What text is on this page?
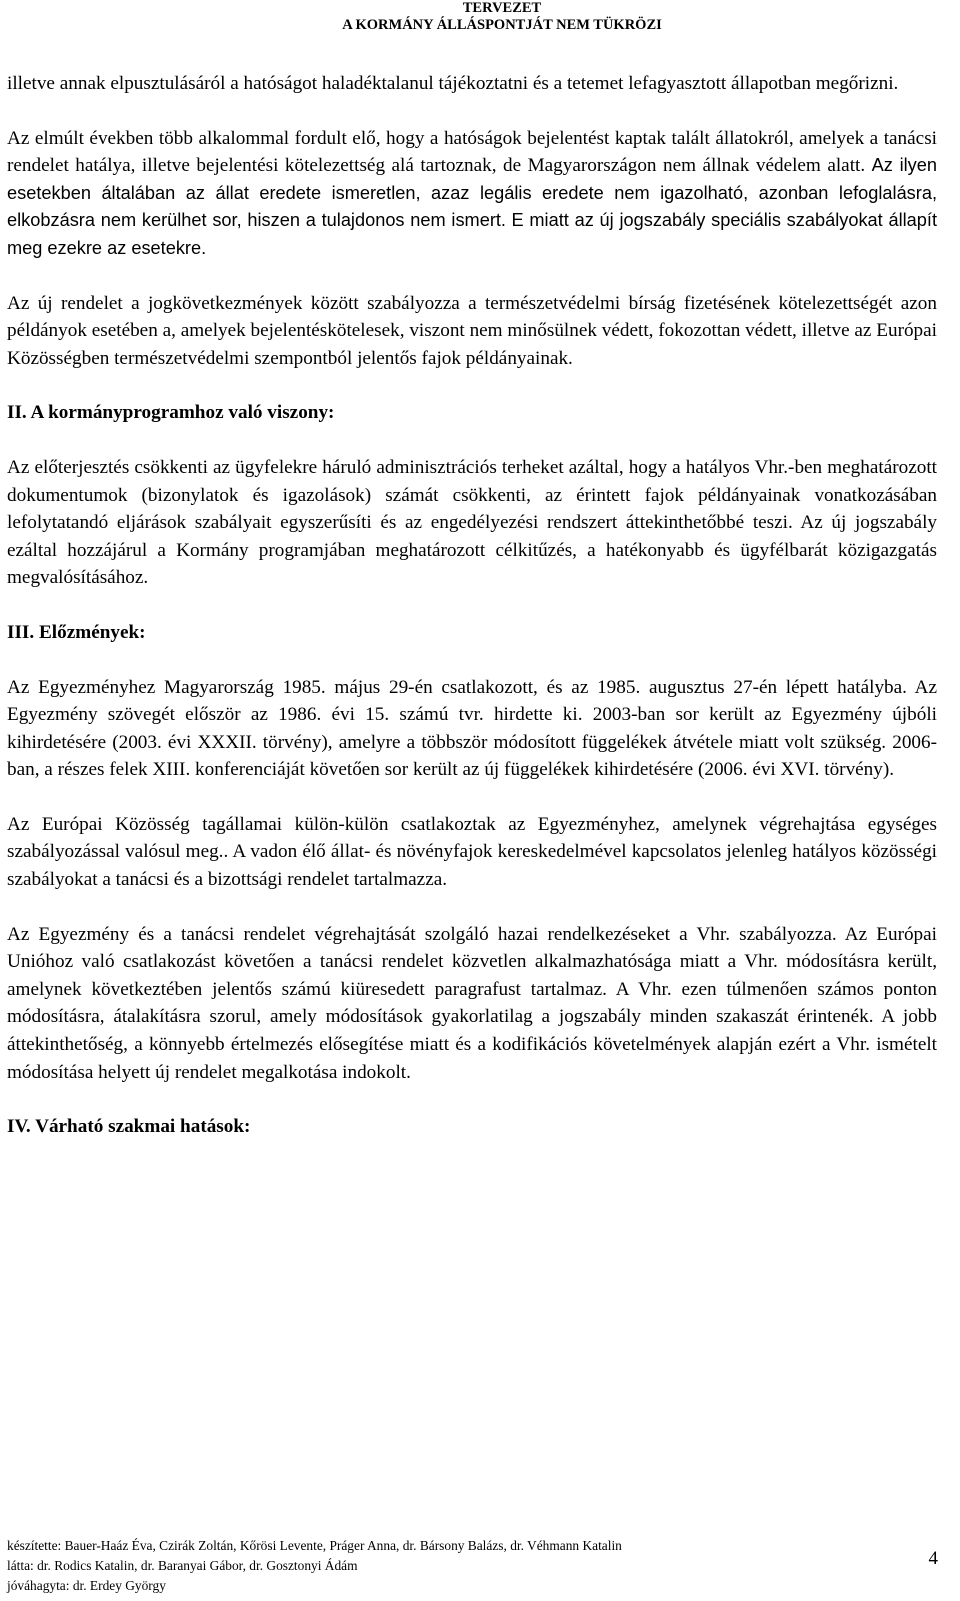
TERVEZET
A KORMÁNY ÁLLÁSPONTJÁT NEM TÜKRÖZI

illetve annak elpusztulásáról a hatóságot haladéktalanul tájékoztatni és a tetemet lefagyasztott állapotban megőrizni.

Az elmúlt években több alkalommal fordult elő, hogy a hatóságok bejelentést kaptak talált állatokról, amelyek a tanácsi rendelet hatálya, illetve bejelentési kötelezettség alá tartoznak, de Magyarországon nem állnak védelem alatt. Az ilyen esetekben általában az állat eredete ismeretlen, azaz legális eredete nem igazolható, azonban lefoglalásra, elkobzásra nem kerülhet sor, hiszen a tulajdonos nem ismert. E miatt az új jogszabály speciális szabályokat állapít meg ezekre az esetekre.

Az új rendelet a jogkövetkezmények között szabályozza a természetvédelmi bírság fizetésének kötelezettségét azon példányok esetében a, amelyek bejelentéskötelesek, viszont nem minősülnek védett, fokozottan védett, illetve az Európai Közösségben természetvédelmi szempontból jelentős fajok példányainak.

II. A kormányprogramhoz való viszony:

Az előterjesztés csökkenti az ügyfelekre háruló adminisztrációs terheket azáltal, hogy a hatályos Vhr.-ben meghatározott dokumentumok (bizonylatok és igazolások) számát csökkenti, az érintett fajok példányainak vonatkozásában lefolytatandó eljárások szabályait egyszerűsíti és az engedélyezési rendszert áttekinthetőbbé teszi. Az új jogszabály ezáltal hozzájárul a Kormány programjában meghatározott célkitűzés, a hatékonyabb és ügyfélbarát közigazgatás megvalósításához.

III. Előzmények:

Az Egyezményhez Magyarország 1985. május 29-én csatlakozott, és az 1985. augusztus 27-én lépett hatályba. Az Egyezmény szövegét először az 1986. évi 15. számú tvr. hirdette ki. 2003-ban sor került az Egyezmény újbóli kihirdetésére (2003. évi XXXII. törvény), amelyre a többször módosított függelékek átvétele miatt volt szükség. 2006-ban, a részes felek XIII. konferenciáját követően sor került az új függelékek kihirdetésére (2006. évi XVI. törvény).

Az Európai Közösség tagállamai külön-külön csatlakoztak az Egyezményhez, amelynek végrehajtása egységes szabályozással valósul meg.. A vadon élő állat- és növényfajok kereskedelmével kapcsolatos jelenleg hatályos közösségi szabályokat a tanácsi és a bizottsági rendelet tartalmazza.

Az Egyezmény és a tanácsi rendelet végrehajtását szolgáló hazai rendelkezéseket a Vhr. szabályozza. Az Európai Unióhoz való csatlakozást követően a tanácsi rendelet közvetlen alkalmazhatósága miatt a Vhr. módosításra került, amelynek következtében jelentős számú kiüresedett paragrafust tartalmaz. A Vhr. ezen túlmenően számos ponton módosításra, átalakításra szorul, amely módosítások gyakorlatilag a jogszabály minden szakaszát érintenék. A jobb áttekinthetőség, a könnyebb értelmezés elősegítése miatt és a kodifikációs követelmények alapján ezért a Vhr. ismételt módosítása helyett új rendelet megalkotása indokolt.

IV. Várható szakmai hatások:

készítette: Bauer-Haáz Éva, Czirák Zoltán, Kőrösi Levente, Práger Anna, dr. Bársony Balázs, dr. Véhmann Katalin
látta: dr. Rodics Katalin, dr. Baranyai Gábor, dr. Gosztonyi Ádám
jóváhagyta: dr. Erdey György
4
